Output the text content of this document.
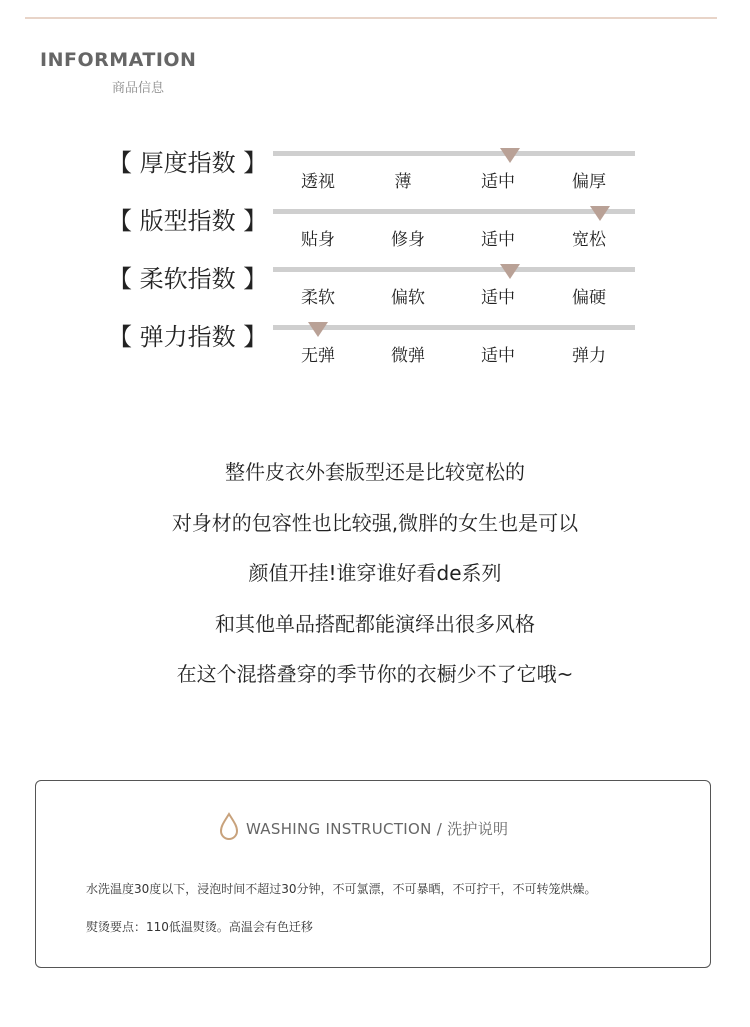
INFORMATION
商品信息
【 厚度指数 】
透视	薄	适中	偏厚
【 版型指数 】
贴身	修身	适中	宽松
【 柔软指数 】
柔软	偏软	适中	偏硬
【 弹力指数 】
无弹	微弹	适中	弹力
整件皮衣外套版型还是比较宽松的
对身材的包容性也比较强,微胖的女生也是可以
颜值开挂!谁穿谁好看de系列
和其他单品搭配都能演绎出很多风格
在这个混搭叠穿的季节你的衣橱少不了它哦~
WASHING INSTRUCTION / 洗护说明
水洗温度30度以下，浸泡时间不超过30分钟，不可氯漂，不可暴晒，不可拧干，不可转笼烘燥。
熨烫要点：110低温熨烫。高温会有色迁移
